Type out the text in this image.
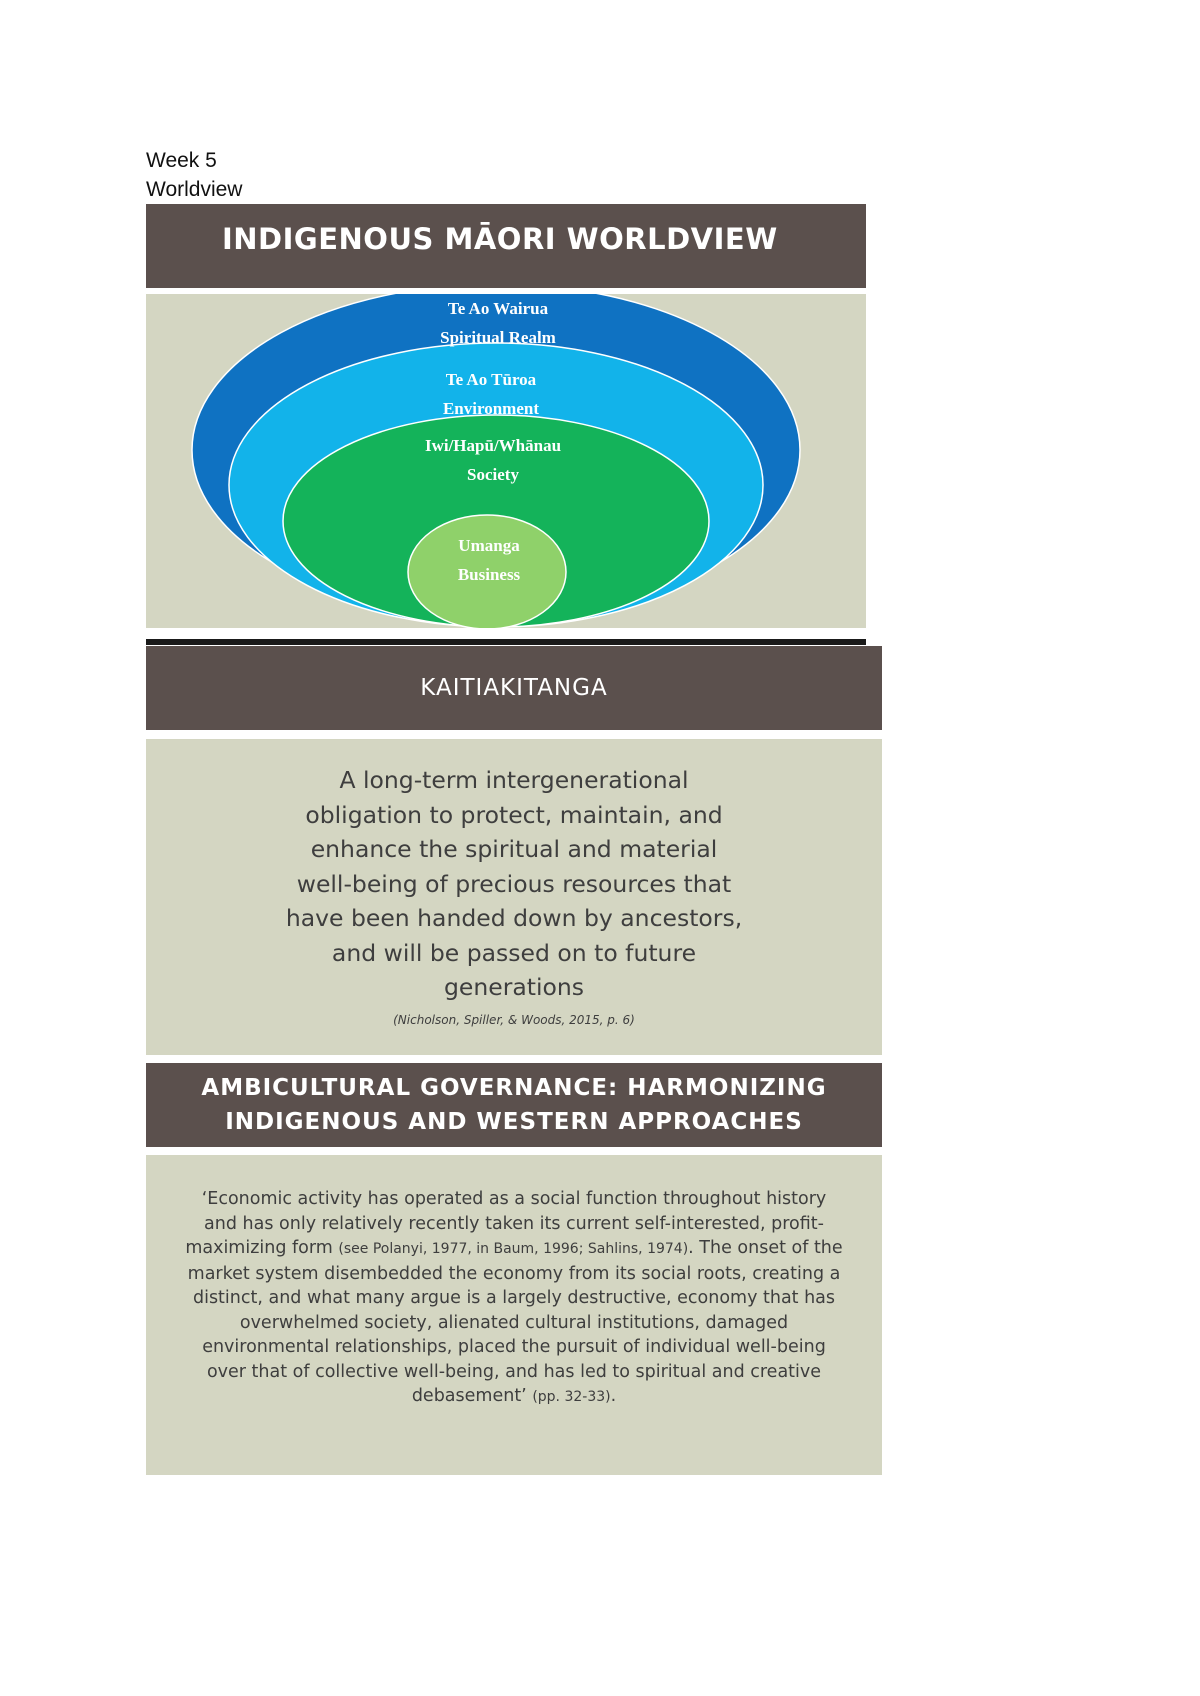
Week 5
Worldview
INDIGENOUS MĀORI WORLDVIEW
Te Ao Wairua
Spiritual Realm
Te Ao Tūroa
Environment
Iwi/Hapū/Whānau
Society
Umanga
Business
KAITIAKITANGA
A long-term intergenerational
obligation to protect, maintain, and
enhance the spiritual and material
well-being of precious resources that
have been handed down by ancestors,
and will be passed on to future
generations
(Nicholson, Spiller, & Woods, 2015, p. 6)
AMBICULTURAL GOVERNANCE: HARMONIZING
INDIGENOUS AND WESTERN APPROACHES
‘Economic activity has operated as a social function throughout history and has only relatively recently taken its current self-interested, profit-maximizing form (see Polanyi, 1977, in Baum, 1996; Sahlins, 1974). The onset of the market system disembedded the economy from its social roots, creating a distinct, and what many argue is a largely destructive, economy that has overwhelmed society, alienated cultural institutions, damaged environmental relationships, placed the pursuit of individual well-being over that of collective well-being, and has led to spiritual and creative debasement’ (pp. 32-33).
